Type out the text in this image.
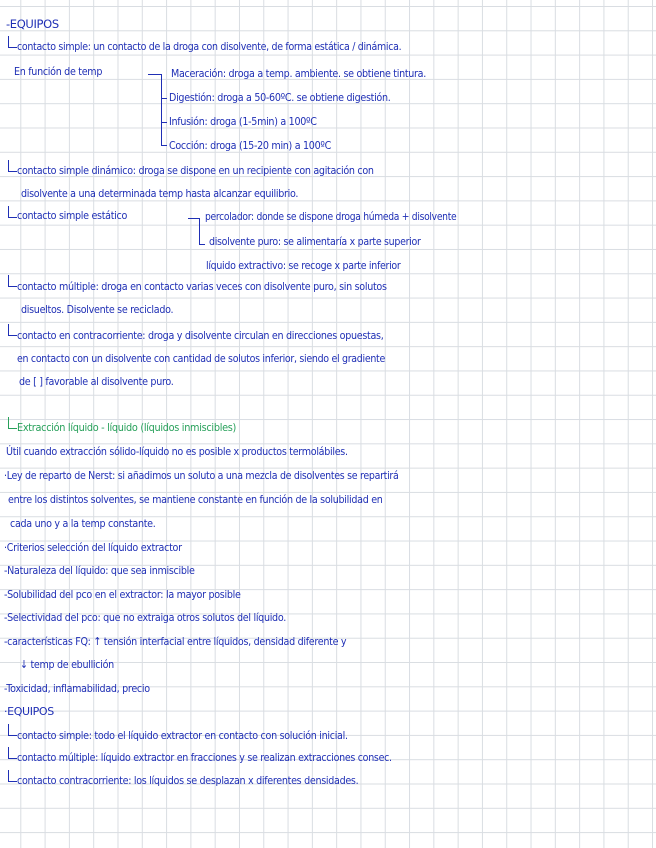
-EQUIPOS
contacto simple: un contacto de la droga con disolvente, de forma estática / dinámica.
En función de temp	Maceración: droga a temp. ambiente. se obtiene tintura.
Digestión: droga a 50-60ºC. se obtiene digestión.
Infusión: droga (1-5min) a 100ºC
Cocción: droga (15-20 min) a 100ºC
contacto simple dinámico: droga se dispone en un recipiente con agitación con
disolvente a una determinada temp hasta alcanzar equilibrio.
contacto simple estático	percolador: donde se dispone droga húmeda + disolvente
disolvente puro: se alimentaría x parte superior
líquido extractivo: se recoge x parte inferior
contacto múltiple: droga en contacto varias veces con disolvente puro, sin solutos
disueltos. Disolvente se reciclado.
contacto en contracorriente: droga y disolvente circulan en direcciones opuestas,
en contacto con un disolvente con cantidad de solutos inferior, siendo el gradiente
de [ ] favorable al disolvente puro.
Extracción líquido - líquido (líquidos inmiscibles)
Útil cuando extracción sólido-líquido no es posible x productos termolábiles.
·Ley de reparto de Nerst: si añadimos un soluto a una mezcla de disolventes se repartirá
entre los distintos solventes, se mantiene constante en función de la solubilidad en
cada uno y a la temp constante.
·Criterios selección del líquido extractor
-Naturaleza del líquido: que sea inmiscible
-Solubilidad del pco en el extractor: la mayor posible
-Selectividad del pco: que no extraiga otros solutos del líquido.
-características FQ: ↑ tensión interfacial entre líquidos, densidad diferente y
↓ temp de ebullición
-Toxicidad, inflamabilidad, precio
·EQUIPOS
contacto simple: todo el líquido extractor en contacto con solución inicial.
contacto múltiple: líquido extractor en fracciones y se realizan extracciones consec.
contacto contracorriente: los líquidos se desplazan x diferentes densidades.
